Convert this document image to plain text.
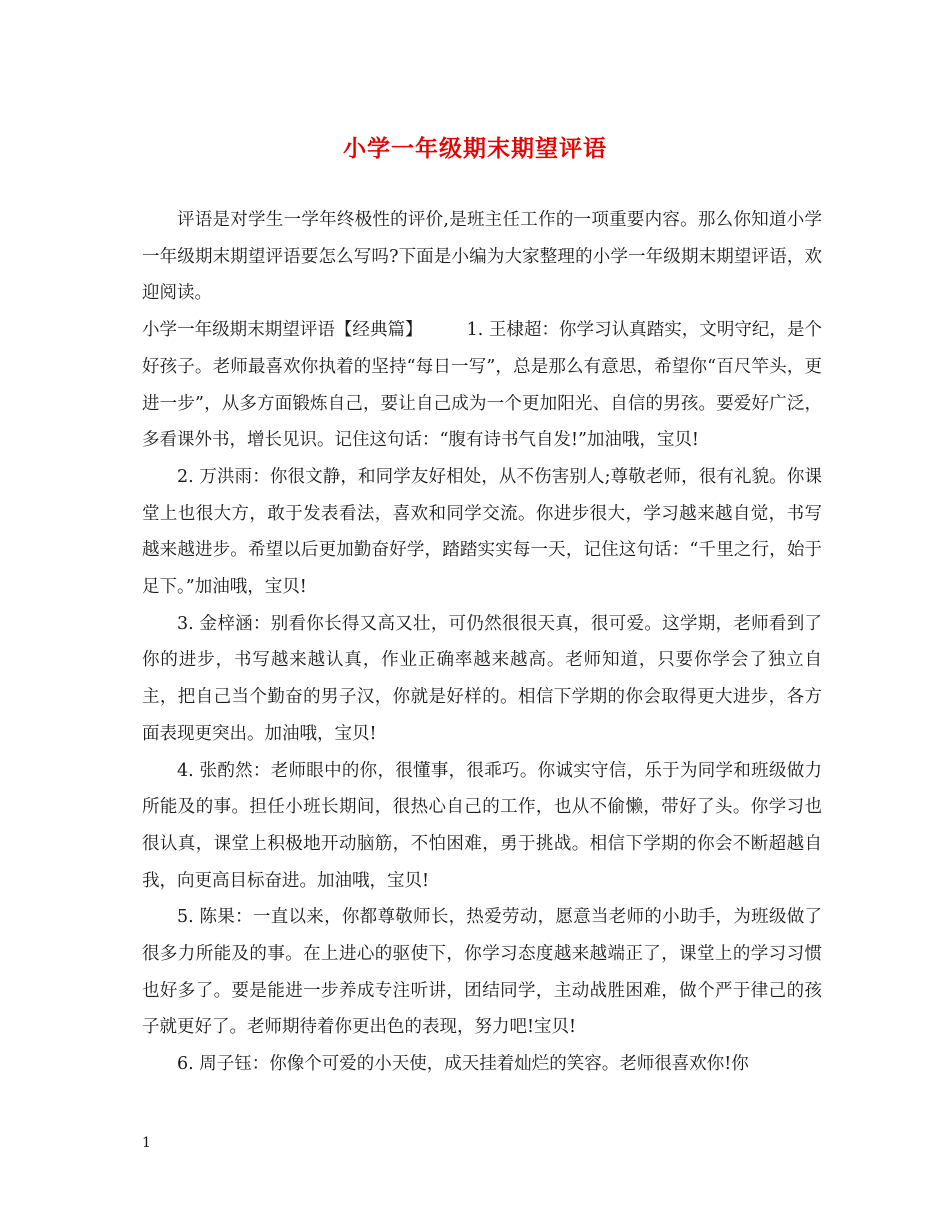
小学一年级期末期望评语

评语是对学生一学年终极性的评价,是班主任工作的一项重要内容。那么你知道小学一年级期末期望评语要怎么写吗?下面是小编为大家整理的小学一年级期末期望评语，欢迎阅读。

小学一年级期末期望评语【经典篇】	1. 王棣超：你学习认真踏实，文明守纪，是个好孩子。老师最喜欢你执着的坚持“每日一写”，总是那么有意思，希望你“百尺竿头，更进一步”，从多方面锻炼自己，要让自己成为一个更加阳光、自信的男孩。要爱好广泛，多看课外书，增长见识。记住这句话：“腹有诗书气自发!”加油哦，宝贝!

2. 万洪雨：你很文静，和同学友好相处，从不伤害别人;尊敬老师，很有礼貌。你课堂上也很大方，敢于发表看法，喜欢和同学交流。你进步很大，学习越来越自觉，书写越来越进步。希望以后更加勤奋好学，踏踏实实每一天，记住这句话：“千里之行，始于足下。”加油哦，宝贝!

3. 金梓涵：别看你长得又高又壮，可仍然很很天真，很可爱。这学期，老师看到了你的进步，书写越来越认真，作业正确率越来越高。老师知道，只要你学会了独立自主，把自己当个勤奋的男子汉，你就是好样的。相信下学期的你会取得更大进步，各方面表现更突出。加油哦，宝贝!

4. 张酌然：老师眼中的你，很懂事，很乖巧。你诚实守信，乐于为同学和班级做力所能及的事。担任小班长期间，很热心自己的工作，也从不偷懒，带好了头。你学习也很认真，课堂上积极地开动脑筋，不怕困难，勇于挑战。相信下学期的你会不断超越自我，向更高目标奋进。加油哦，宝贝!

5. 陈果：一直以来，你都尊敬师长，热爱劳动，愿意当老师的小助手，为班级做了很多力所能及的事。在上进心的驱使下，你学习态度越来越端正了，课堂上的学习习惯也好多了。要是能进一步养成专注听讲，团结同学，主动战胜困难，做个严于律己的孩子就更好了。老师期待着你更出色的表现，努力吧!宝贝!

6. 周子钰：你像个可爱的小天使，成天挂着灿烂的笑容。老师很喜欢你!你

1
